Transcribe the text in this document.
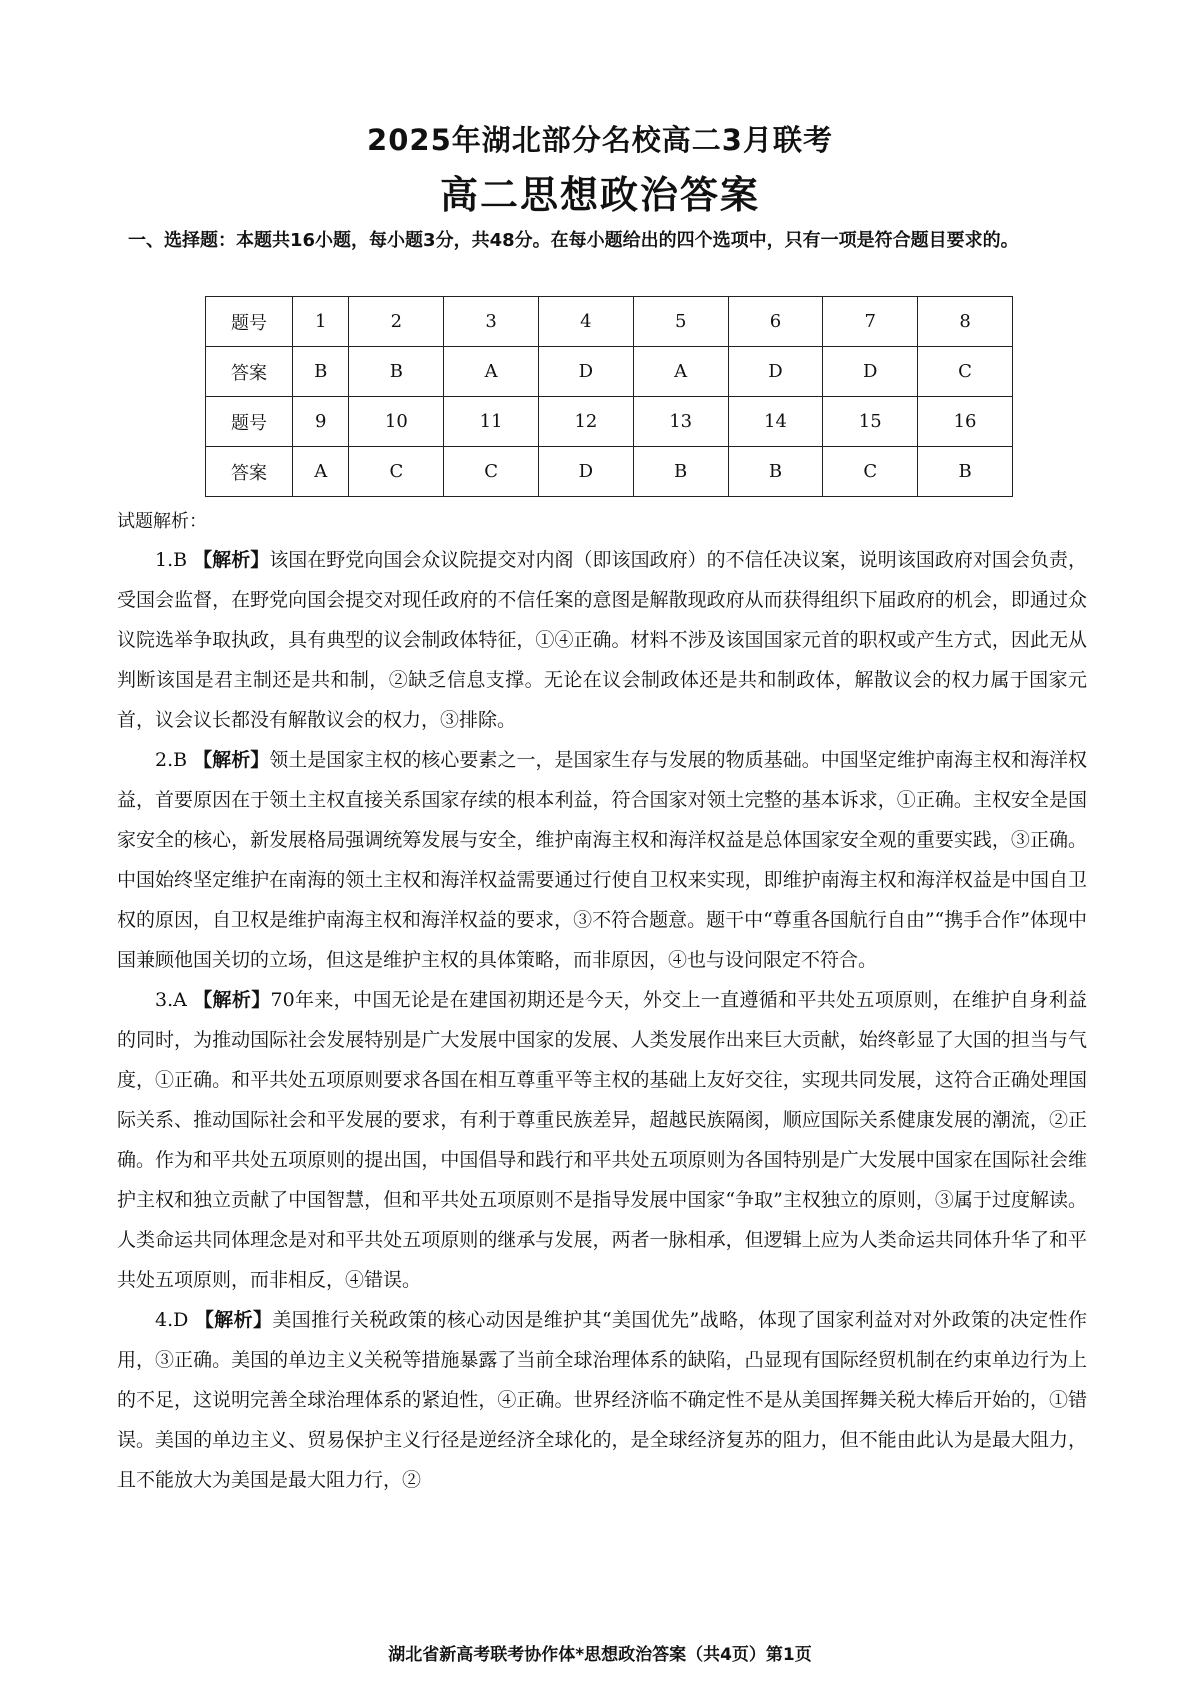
2025年湖北部分名校高二3月联考
高二思想政治答案
一、选择题：本题共16小题，每小题3分，共48分。在每小题给出的四个选项中，只有一项是符合题目要求的。
题号	1	2	3	4	5	6	7	8
答案	B	B	A	D	A	D	D	C
题号	9	10	11	12	13	14	15	16
答案	A	C	C	D	B	B	C	B
试题解析：

1.B 【解析】该国在野党向国会众议院提交对内阁（即该国政府）的不信任决议案，说明该国政府对国会负责，受国会监督，在野党向国会提交对现任政府的不信任案的意图是解散现政府从而获得组织下届政府的机会，即通过众议院选举争取执政，具有典型的议会制政体特征，①④正确。材料不涉及该国国家元首的职权或产生方式，因此无从判断该国是君主制还是共和制，②缺乏信息支撑。无论在议会制政体还是共和制政体，解散议会的权力属于国家元首，议会议长都没有解散议会的权力，③排除。

2.B 【解析】领土是国家主权的核心要素之一，是国家生存与发展的物质基础。中国坚定维护南海主权和海洋权益，首要原因在于领土主权直接关系国家存续的根本利益，符合国家对领土完整的基本诉求，①正确。主权安全是国家安全的核心，新发展格局强调统筹发展与安全，维护南海主权和海洋权益是总体国家安全观的重要实践，③正确。中国始终坚定维护在南海的领土主权和海洋权益需要通过行使自卫权来实现，即维护南海主权和海洋权益是中国自卫权的原因，自卫权是维护南海主权和海洋权益的要求，③不符合题意。题干中“尊重各国航行自由”“携手合作”体现中国兼顾他国关切的立场，但这是维护主权的具体策略，而非原因，④也与设问限定不符合。

3.A 【解析】70年来，中国无论是在建国初期还是今天，外交上一直遵循和平共处五项原则，在维护自身利益的同时，为推动国际社会发展特别是广大发展中国家的发展、人类发展作出来巨大贡献，始终彰显了大国的担当与气度，①正确。和平共处五项原则要求各国在相互尊重平等主权的基础上友好交往，实现共同发展，这符合正确处理国际关系、推动国际社会和平发展的要求，有利于尊重民族差异，超越民族隔阂，顺应国际关系健康发展的潮流，②正确。作为和平共处五项原则的提出国，中国倡导和践行和平共处五项原则为各国特别是广大发展中国家在国际社会维护主权和独立贡献了中国智慧，但和平共处五项原则不是指导发展中国家“争取”主权独立的原则，③属于过度解读。人类命运共同体理念是对和平共处五项原则的继承与发展，两者一脉相承，但逻辑上应为人类命运共同体升华了和平共处五项原则，而非相反，④错误。

4.D 【解析】美国推行关税政策的核心动因是维护其“美国优先”战略，体现了国家利益对对外政策的决定性作用，③正确。美国的单边主义关税等措施暴露了当前全球治理体系的缺陷，凸显现有国际经贸机制在约束单边行为上的不足，这说明完善全球治理体系的紧迫性，④正确。世界经济临不确定性不是从美国挥舞关税大棒后开始的，①错误。美国的单边主义、贸易保护主义行径是逆经济全球化的，是全球经济复苏的阻力，但不能由此认为是最大阻力，且不能放大为美国是最大阻力行，②

湖北省新高考联考协作体*思想政治答案（共4页）第1页
